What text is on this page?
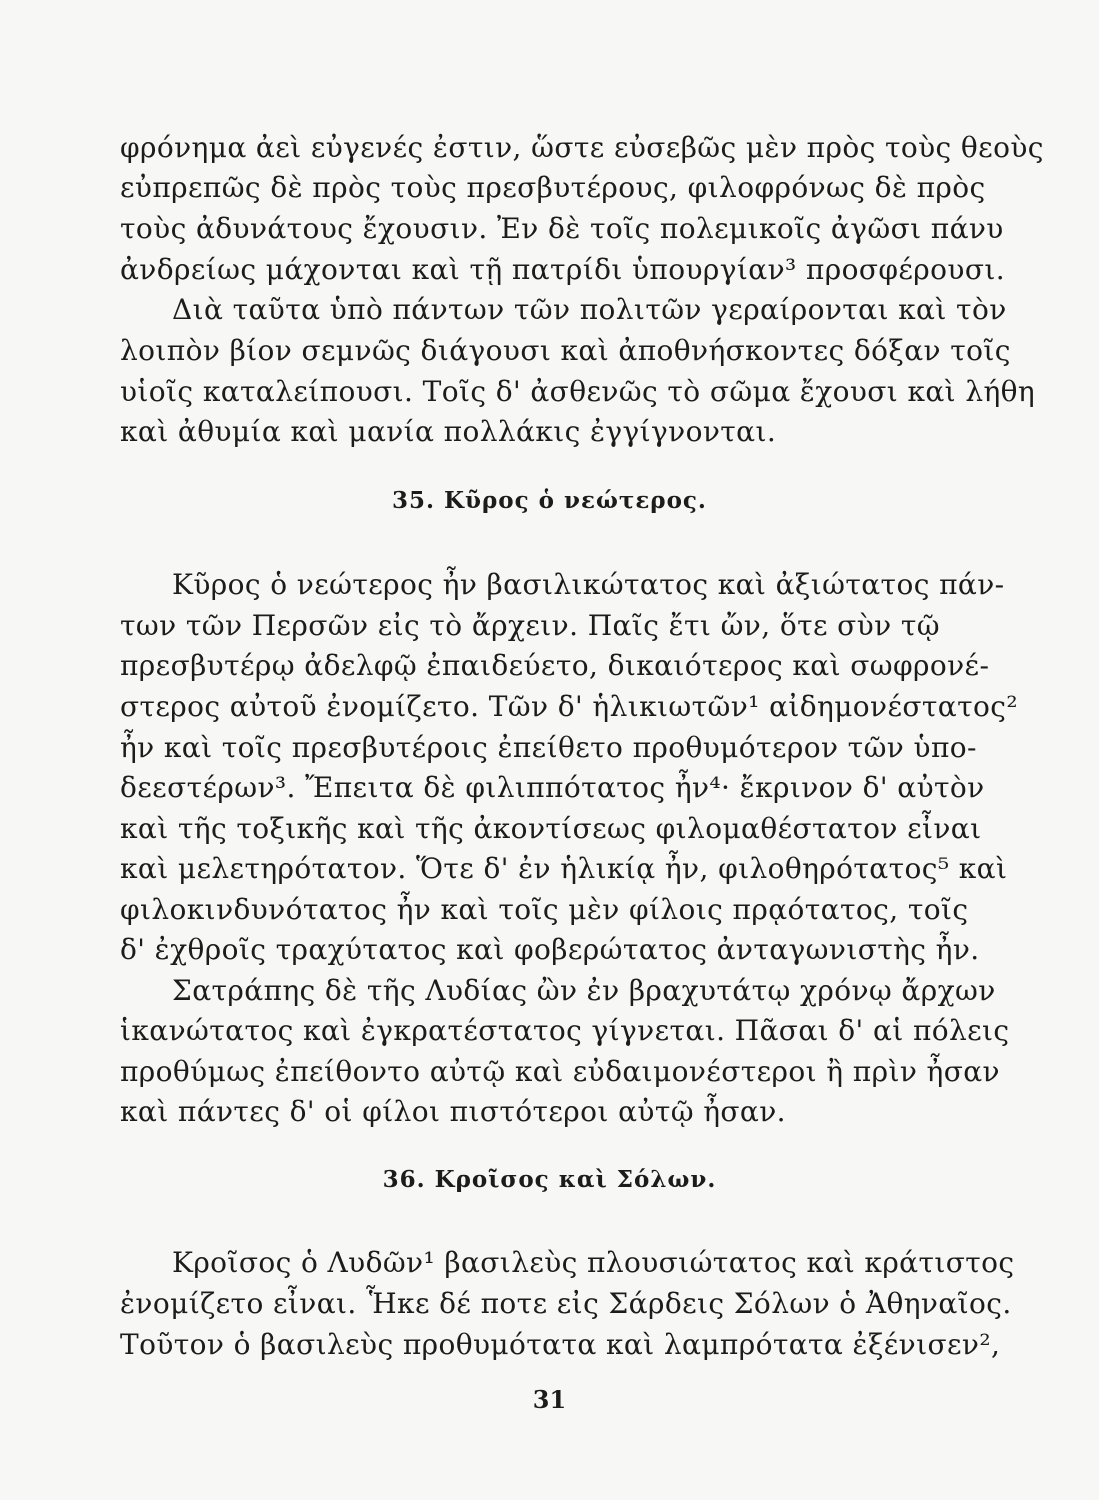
φρόνημα ἀεὶ εὐγενές ἐστιν, ὥστε εὐσεβῶς μὲν πρὸς τοὺς θεοὺς
εὐπρεπῶς δὲ πρὸς τοὺς πρεσβυτέρους, φιλοφρόνως δὲ πρὸς
τοὺς ἀδυνάτους ἔχουσιν. Ἐν δὲ τοῖς πολεμικοῖς ἀγῶσι πάνυ
ἀνδρείως μάχονται καὶ τῇ πατρίδι ὑπουργίαν³ προσφέρουσι.
Διὰ ταῦτα ὑπὸ πάντων τῶν πολιτῶν γεραίρονται καὶ τὸν
λοιπὸν βίον σεμνῶς διάγουσι καὶ ἀποθνήσκοντες δόξαν τοῖς
υἱοῖς καταλείπουσι. Τοῖς δ' ἀσθενῶς τὸ σῶμα ἔχουσι καὶ λήθη
καὶ ἀθυμία καὶ μανία πολλάκις ἐγγίγνονται.
35. Κῦρος ὁ νεώτερος.
Κῦρος ὁ νεώτερος ἦν βασιλικώτατος καὶ ἀξιώτατος πάν-
των τῶν Περσῶν εἰς τὸ ἄρχειν. Παῖς ἔτι ὤν, ὅτε σὺν τῷ
πρεσβυτέρῳ ἀδελφῷ ἐπαιδεύετο, δικαιότερος καὶ σωφρονέ-
στερος αὐτοῦ ἐνομίζετο. Τῶν δ' ἡλικιωτῶν¹ αἰδημονέστατος²
ἦν καὶ τοῖς πρεσβυτέροις ἐπείθετο προθυμότερον τῶν ὑπο-
δεεστέρων³. Ἔπειτα δὲ φιλιππότατος ἦν⁴· ἔκρινον δ' αὐτὸν
καὶ τῆς τοξικῆς καὶ τῆς ἀκοντίσεως φιλομαθέστατον εἶναι
καὶ μελετηρότατον. Ὅτε δ' ἐν ἡλικίᾳ ἦν, φιλοθηρότατος⁵ καὶ
φιλοκινδυνότατος ἦν καὶ τοῖς μὲν φίλοις πρᾳότατος, τοῖς
δ' ἐχθροῖς τραχύτατος καὶ φοβερώτατος ἀνταγωνιστὴς ἦν.
Σατράπης δὲ τῆς Λυδίας ὢν ἐν βραχυτάτῳ χρόνῳ ἄρχων
ἱκανώτατος καὶ ἐγκρατέστατος γίγνεται. Πᾶσαι δ' αἱ πόλεις
προθύμως ἐπείθοντο αὐτῷ καὶ εὐδαιμονέστεροι ἢ πρὶν ἦσαν
καὶ πάντες δ' οἱ φίλοι πιστότεροι αὐτῷ ἦσαν.
36. Κροῖσος καὶ Σόλων.
Κροῖσος ὁ Λυδῶν¹ βασιλεὺς πλουσιώτατος καὶ κράτιστος
ἐνομίζετο εἶναι. Ἧκε δέ ποτε εἰς Σάρδεις Σόλων ὁ Ἀθηναῖος.
Τοῦτον ὁ βασιλεὺς προθυμότατα καὶ λαμπρότατα ἐξένισεν²,
31
